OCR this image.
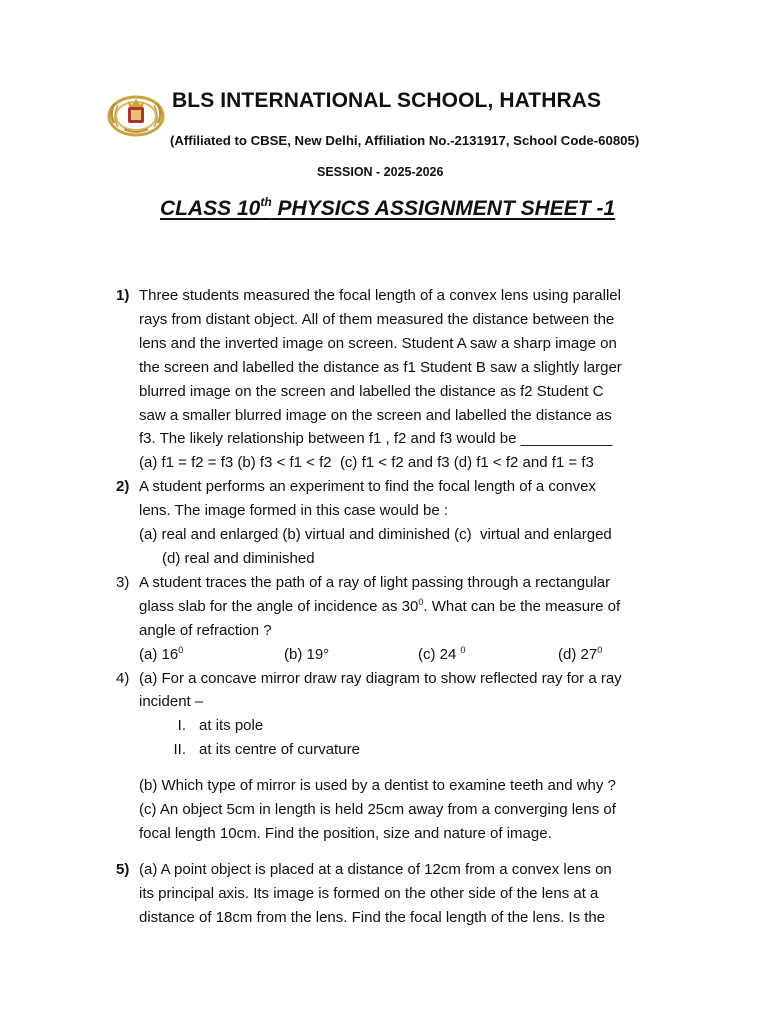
BLS INTERNATIONAL SCHOOL, HATHRAS
(Affiliated to CBSE, New Delhi, Affiliation No.-2131917, School Code-60805)
SESSION - 2025-2026
CLASS 10th PHYSICS ASSIGNMENT SHEET -1
1) Three students measured the focal length of a convex lens using parallel

rays from distant object. All of them measured the distance between the

lens and the inverted image on screen. Student A saw a sharp image on

the screen and labelled the distance as f1 Student B saw a slightly larger

blurred image on the screen and labelled the distance as f2 Student C

saw a smaller blurred image on the screen and labelled the distance as

f3. The likely relationship between f1 , f2 and f3 would be ___________

(a) f1 = f2 = f3 (b) f3 < f1 < f2  (c) f1 < f2 and f3 (d) f1 < f2 and f1 = f3

2) A student performs an experiment to find the focal length of a convex

lens. The image formed in this case would be :

(a) real and enlarged (b) virtual and diminished (c)  virtual and enlarged

(d) real and diminished

3) A student traces the path of a ray of light passing through a rectangular

glass slab for the angle of incidence as $30^0$. What can be the measure of

angle of refraction ?

(a) $16^0$	(b) 19°	(c) 24 $^0$	(d) $27^0$
4) (a) For a concave mirror draw ray diagram to show reflected ray for a ray

incident –

I. at its pole
II. at its centre of curvature

(b) Which type of mirror is used by a dentist to examine teeth and why ?

(c) An object 5cm in length is held 25cm away from a converging lens of

focal length 10cm. Find the position, size and nature of image.

5) (a) A point object is placed at a distance of 12cm from a convex lens on

its principal axis. Its image is formed on the other side of the lens at a

distance of 18cm from the lens. Find the focal length of the lens. Is the
